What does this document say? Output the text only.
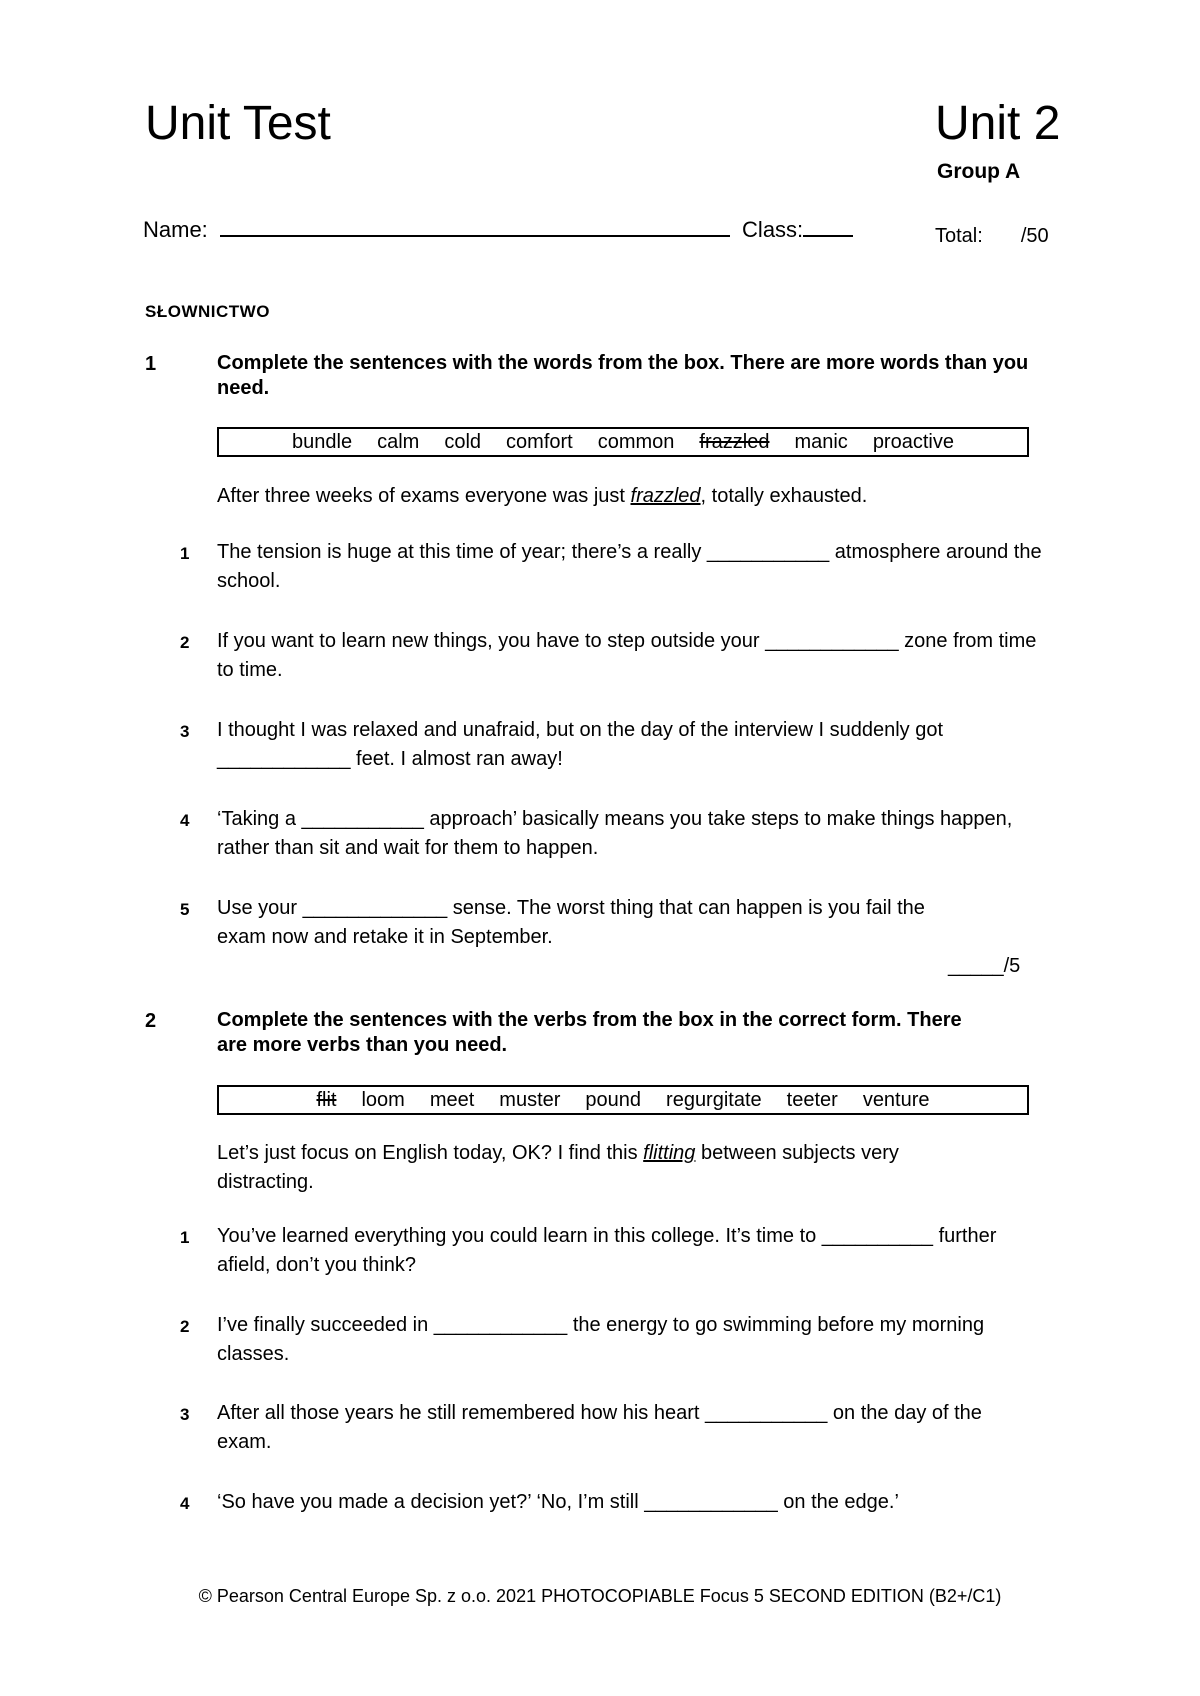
Unit Test	Unit 2
Group A
Name:	Class:	Total: /50
SŁOWNICTWO
1	Complete the sentences with the words from the box. There are more words than you need.
bundle calm cold comfort common frazzled manic proactive
After three weeks of exams everyone was just frazzled, totally exhausted.
1 The tension is huge at this time of year; there’s a really ___________ atmosphere around the school.
2 If you want to learn new things, you have to step outside your ____________ zone from time to time.
3 I thought I was relaxed and unafraid, but on the day of the interview I suddenly got ____________ feet. I almost ran away!
4 ‘Taking a ___________ approach’ basically means you take steps to make things happen, rather than sit and wait for them to happen.
5 Use your _____________ sense. The worst thing that can happen is you fail the exam now and retake it in September.
_____/5
2	Complete the sentences with the verbs from the box in the correct form. There are more verbs than you need.
flit loom meet muster pound regurgitate teeter venture
Let’s just focus on English today, OK? I find this flitting between subjects very distracting.
1 You’ve learned everything you could learn in this college. It’s time to __________ further afield, don’t you think?
2 I’ve finally succeeded in ____________ the energy to go swimming before my morning classes.
3 After all those years he still remembered how his heart ___________ on the day of the exam.
4 ‘So have you made a decision yet?’ ‘No, I’m still ____________ on the edge.’
© Pearson Central Europe Sp. z o.o. 2021 PHOTOCOPIABLE Focus 5 SECOND EDITION (B2+/C1)
